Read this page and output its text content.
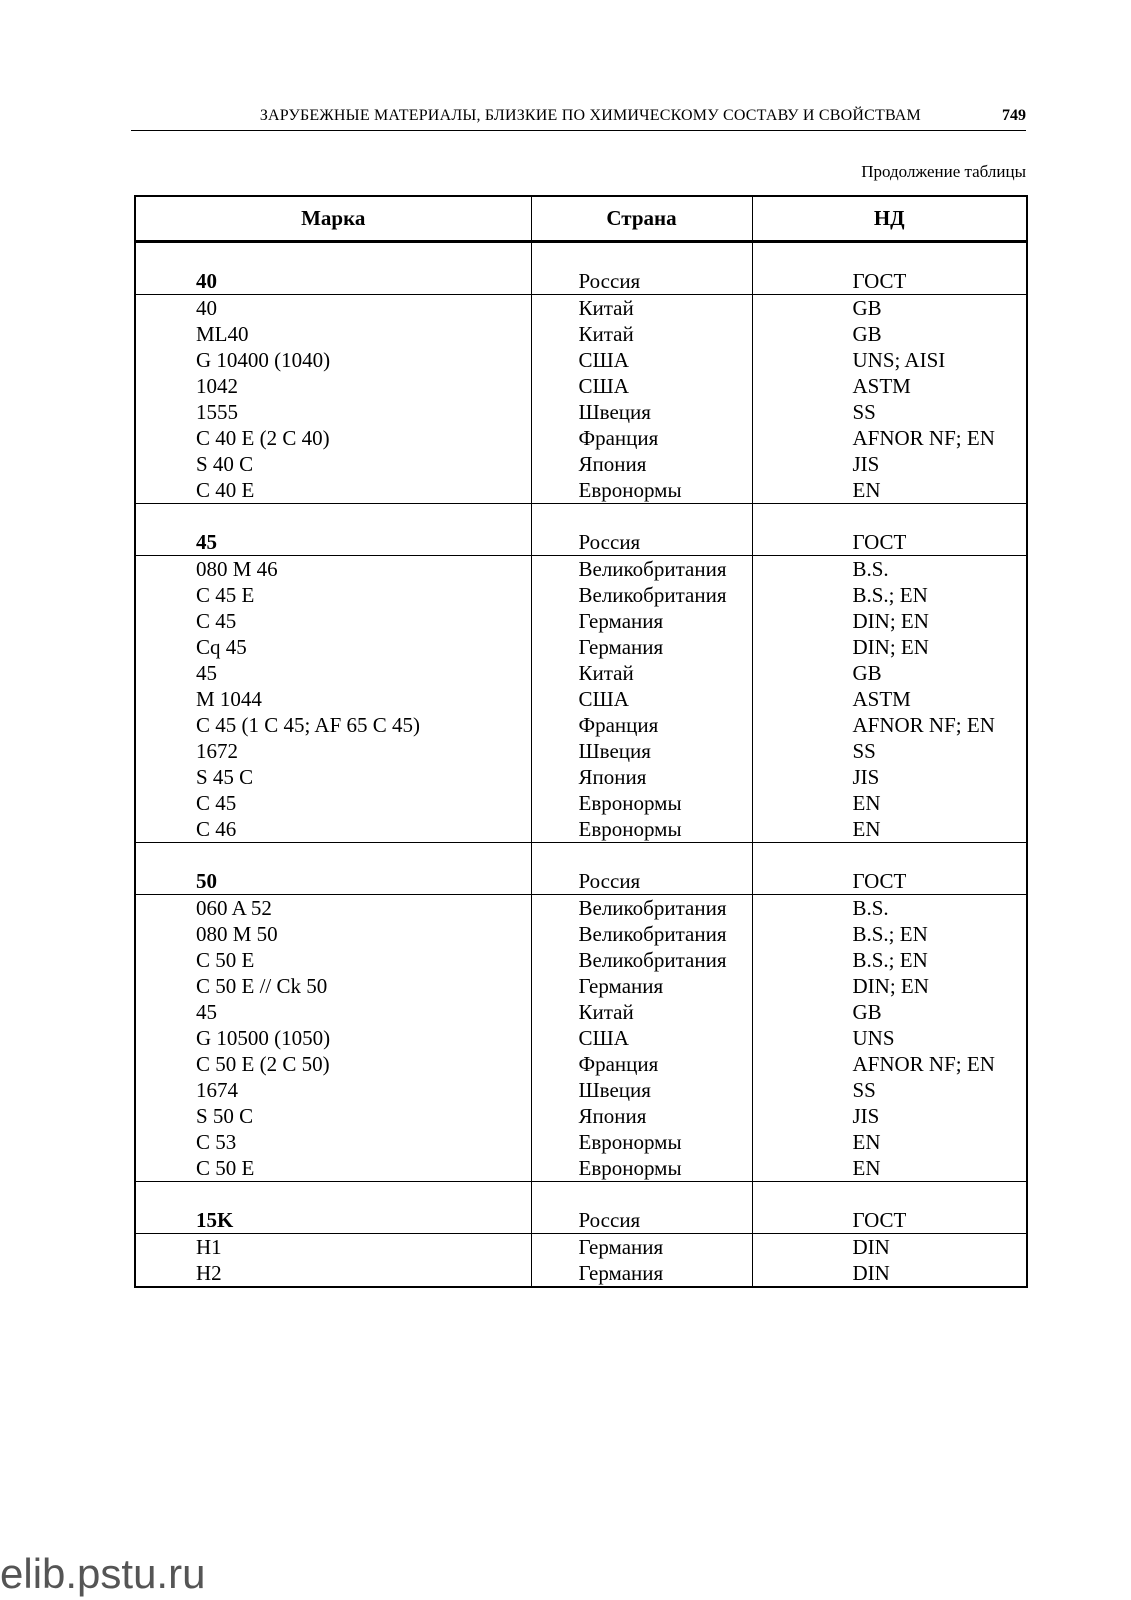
ЗАРУБЕЖНЫЕ МАТЕРИАЛЫ, БЛИЗКИЕ ПО ХИМИЧЕСКОМУ СОСТАВУ И СВОЙСТВАМ	749
Продолжение таблицы
Марка	Страна	НД
40	Россия	ГОСТ
40	Китай	GB
ML40	Китай	GB
G 10400 (1040)	США	UNS; AISI
1042	США	ASTM
1555	Швеция	SS
C 40 E (2 C 40)	Франция	AFNOR NF; EN
S 40 C	Япония	JIS
C 40 E	Евронормы	EN
45	Россия	ГОСТ
080 M 46	Великобритания	B.S.
C 45 E	Великобритания	B.S.; EN
C 45	Германия	DIN; EN
Cq 45	Германия	DIN; EN
45	Китай	GB
M 1044	США	ASTM
C 45 (1 C 45; AF 65 C 45)	Франция	AFNOR NF; EN
1672	Швеция	SS
S 45 C	Япония	JIS
C 45	Евронормы	EN
C 46	Евронормы	EN
50	Россия	ГОСТ
060 A 52	Великобритания	B.S.
080 M 50	Великобритания	B.S.; EN
C 50 E	Великобритания	B.S.; EN
C 50 E // Ck 50	Германия	DIN; EN
45	Китай	GB
G 10500 (1050)	США	UNS
C 50 E (2 C 50)	Франция	AFNOR NF; EN
1674	Швеция	SS
S 50 C	Япония	JIS
C 53	Евронормы	EN
C 50 E	Евронормы	EN
15K	Россия	ГОСТ
H1	Германия	DIN
H2	Германия	DIN
elib.pstu.ru
